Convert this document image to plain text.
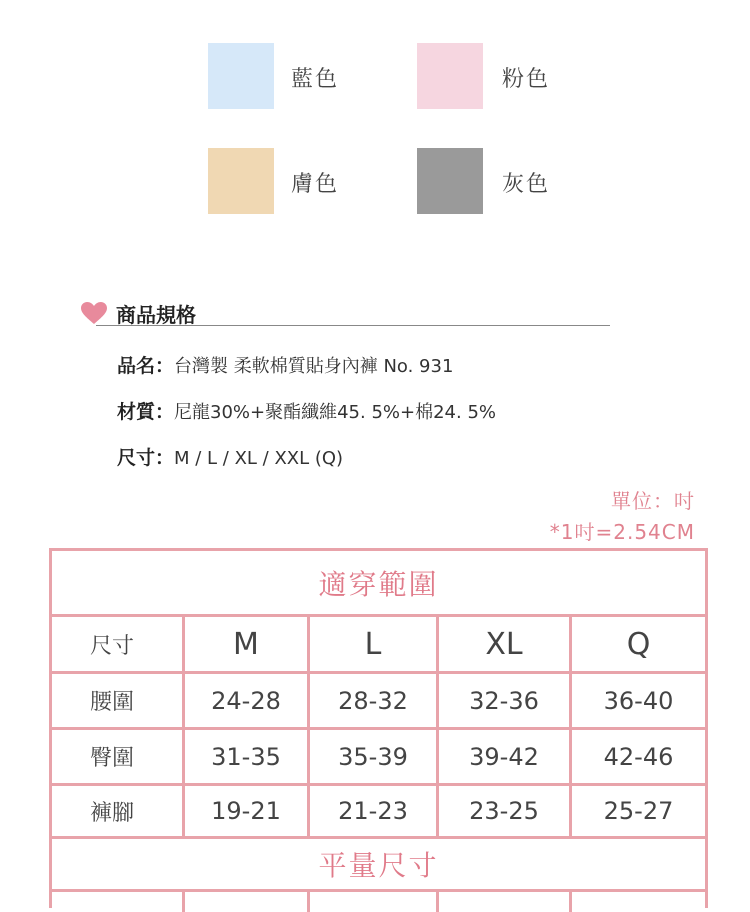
藍色	粉色
膚色	灰色
商品規格
品名：台灣製 柔軟棉質貼身內褲 No. 931
材質：尼龍30%+聚酯纖維45. 5%+棉24. 5%
尺寸：M / L / XL / XXL (Q)
單位：吋
*1吋=2.54CM
適穿範圍
尺寸	M	L	XL	Q
腰圍	24-28	28-32	32-36	36-40
臀圍	31-35	35-39	39-42	42-46
褲腳	19-21	21-23	23-25	25-27
平量尺寸
